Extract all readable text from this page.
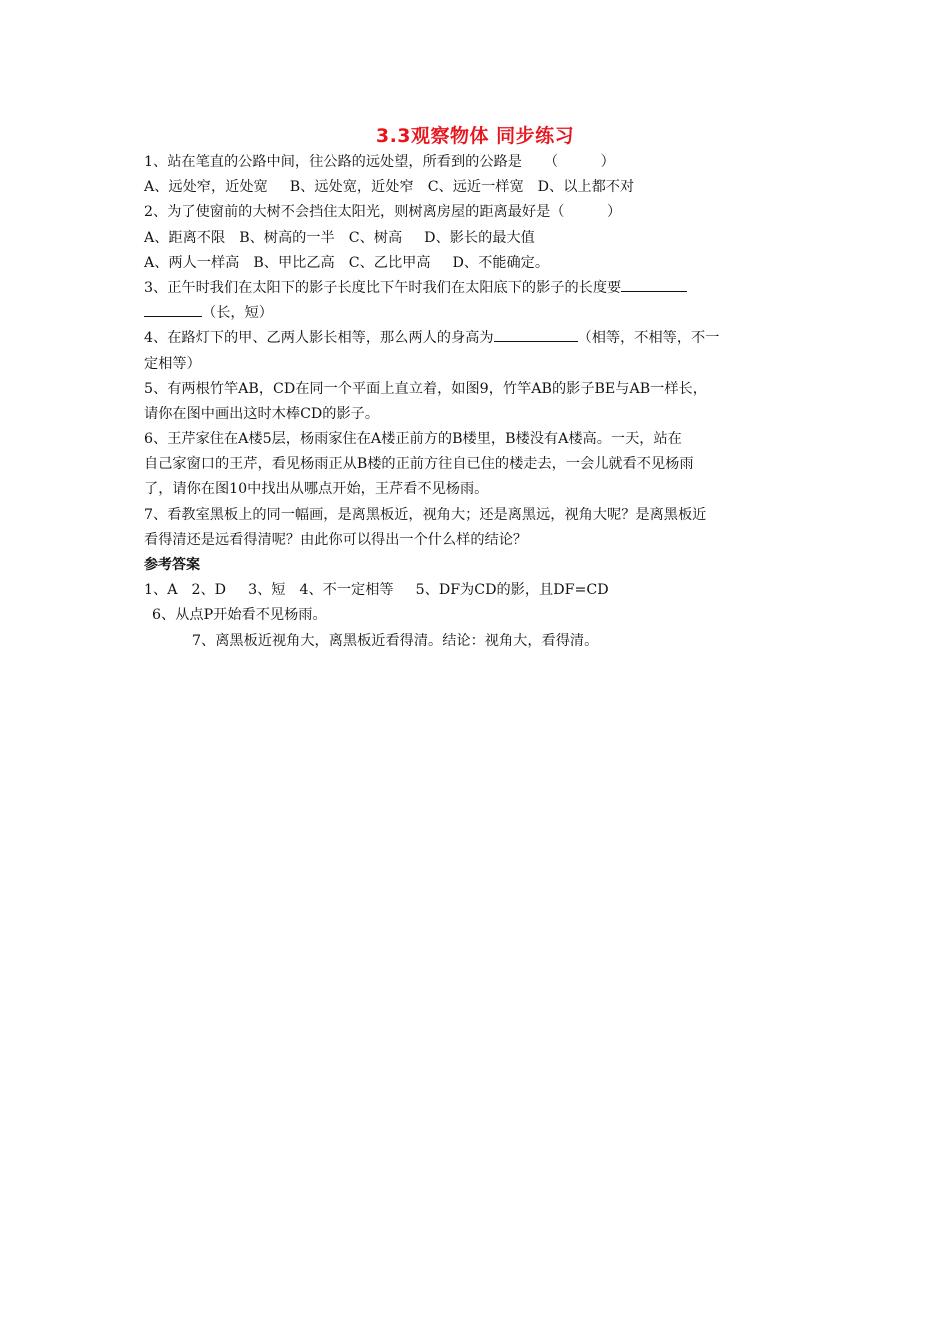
3.3观察物体 同步练习
1、站在笔直的公路中间，往公路的远处望，所看到的公路是 （　　　）
A、远处窄，近处宽 B、远处宽，近处窄 C、远近一样宽 D、以上都不对
2、为了使窗前的大树不会挡住太阳光，则树离房屋的距离最好是（　　　）
A、距离不限 B、树高的一半 C、树高 D、影长的最大值
A、两人一样高 B、甲比乙高 C、乙比甲高 D、不能确定。
3、正午时我们在太阳下的影子长度比下午时我们在太阳底下的影子的长度要
（长，短）
4、在路灯下的甲、乙两人影长相等，那么两人的身高为	（相等，不相等，不一
定相等）
5、有两根竹竿AB，CD在同一个平面上直立着，如图9，竹竿AB的影子BE与AB一样长，
请你在图中画出这时木棒CD的影子。
6、王芹家住在A楼5层，杨雨家住在A楼正前方的B楼里，B楼没有A楼高。一天，站在
自己家窗口的王芹，看见杨雨正从B楼的正前方往自已住的楼走去，一会儿就看不见杨雨
了，请你在图10中找出从哪点开始，王芹看不见杨雨。
7、看教室黑板上的同一幅画，是离黑板近，视角大；还是离黑远，视角大呢？是离黑板近
看得清还是远看得清呢？由此你可以得出一个什么样的结论？
参考答案
1、A 2、D 3、短 4、不一定相等 5、DF为CD的影，且DF=CD
6、从点P开始看不见杨雨。
7、离黑板近视角大，离黑板近看得清。结论：视角大，看得清。
